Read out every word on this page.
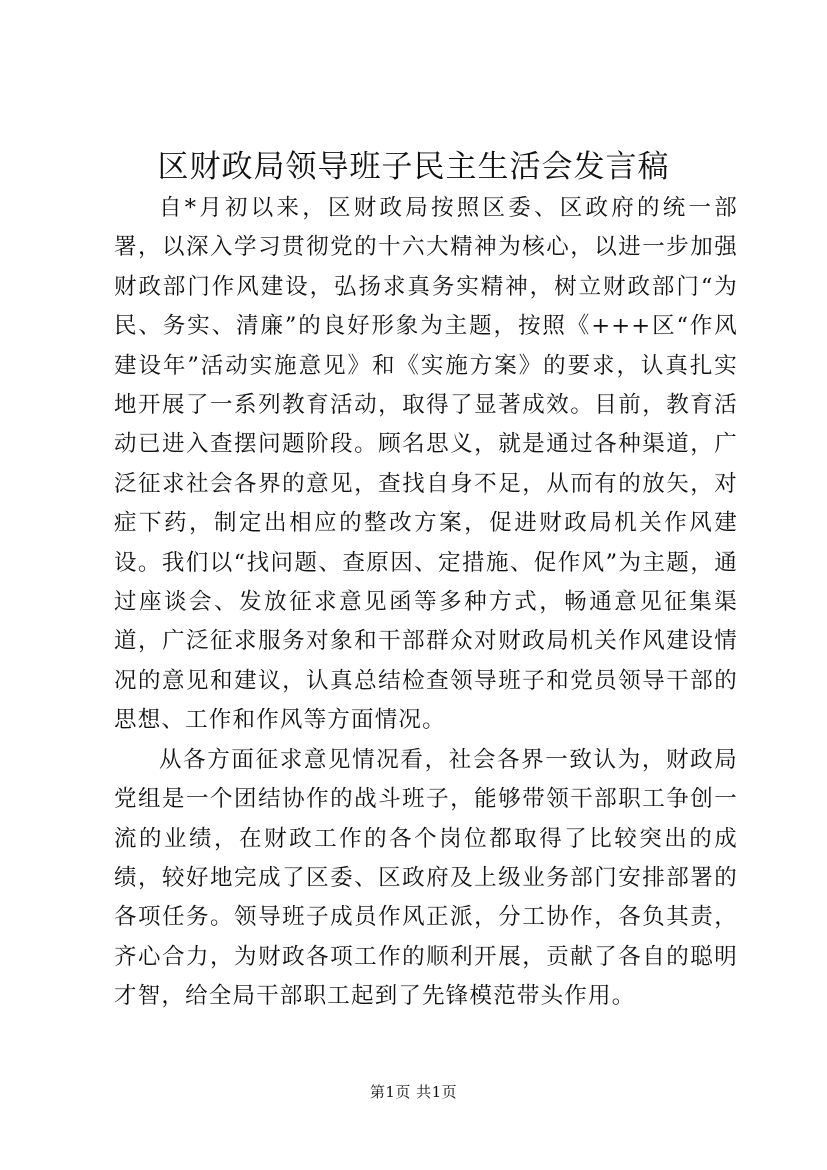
区财政局领导班子民主生活会发言稿

自*月初以来，区财政局按照区委、区政府的统一部署，以深入学习贯彻党的十六大精神为核心，以进一步加强财政部门作风建设，弘扬求真务实精神，树立财政部门“为民、务实、清廉”的良好形象为主题，按照《+++区“作风建设年”活动实施意见》和《实施方案》的要求，认真扎实地开展了一系列教育活动，取得了显著成效。目前，教育活动已进入查摆问题阶段。顾名思义，就是通过各种渠道，广泛征求社会各界的意见，查找自身不足，从而有的放矢，对症下药，制定出相应的整改方案，促进财政局机关作风建设。我们以“找问题、查原因、定措施、促作风”为主题，通过座谈会、发放征求意见函等多种方式，畅通意见征集渠道，广泛征求服务对象和干部群众对财政局机关作风建设情况的意见和建议，认真总结检查领导班子和党员领导干部的思想、工作和作风等方面情况。

从各方面征求意见情况看，社会各界一致认为，财政局党组是一个团结协作的战斗班子，能够带领干部职工争创一流的业绩，在财政工作的各个岗位都取得了比较突出的成绩，较好地完成了区委、区政府及上级业务部门安排部署的各项任务。领导班子成员作风正派，分工协作，各负其责，齐心合力，为财政各项工作的顺利开展，贡献了各自的聪明才智，给全局干部职工起到了先锋模范带头作用。

第1页 共1页
